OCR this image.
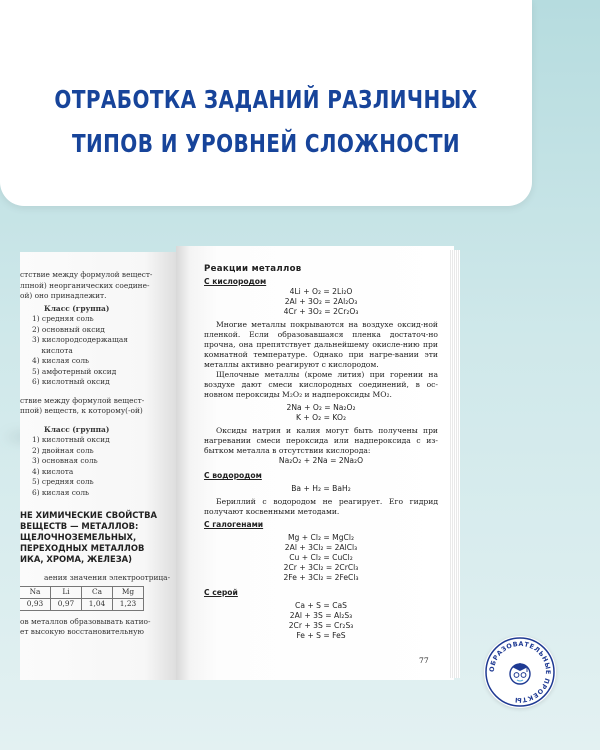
ОТРАБОТКА ЗАДАНИЙ РАЗЛИЧНЫХ
ТИПОВ И УРОВНЕЙ СЛОЖНОСТИ
стствие между формулой вещест-
лпной) неорганических соедине-
ой) оно принадлежит.
Класс (группа)
1) средняя соль
2) основный оксид
3) кислородсодержащая
кислота
4) кислая соль
5) амфотерный оксид
6) кислотный оксид
ствие между формулой вещест-
ппой) веществ, к которому(-ой)
Класс (группа)
1) кислотный оксид
2) двойная соль
3) основная соль
4) кислота
5) средняя соль
6) кислая соль
НЕ ХИМИЧЕСКИЕ СВОЙСТВА
ВЕЩЕСТВ — МЕТАЛЛОВ:
ЩЕЛОЧНОЗЕМЕЛЬНЫХ,
ПЕРЕХОДНЫХ МЕТАЛЛОВ
ИКА, ХРОМА, ЖЕЛЕЗА)
аения значения электроотрица-
Na	Li	Ca	Mg
0,93	0,97	1,04	1,23
ов металлов образовывать катио-
ет высокую восстановительную
Реакции металлов
С кислородом
4Li + O₂ = 2Li₂O
2Al + 3O₂ = 2Al₂O₃
4Cr + 3O₂ = 2Cr₂O₃
Многие металлы покрываются на воздухе оксид-ной пленкой. Если образовавшаяся пленка достаточ-но прочна, она препятствует дальнейшему окисле-нию при комнатной температуре. Однако при нагре-вании эти металлы активно реагируют с кислородом.
Щелочные металлы (кроме лития) при горении на воздухе дают смеси кислородных соединений, в ос-новном пероксиды M₂O₂ и надпероксиды MO₂.
2Na + O₂ = Na₂O₂
K + O₂ = KO₂
Оксиды натрия и калия могут быть получены при нагревании смеси пероксида или надпероксида с из-бытком металла в отсутствии кислорода:
Na₂O₂ + 2Na = 2Na₂O
С водородом
Ba + H₂ = BaH₂
Бериллий с водородом не реагирует. Его гидрид получают косвенными методами.
С галогенами
Mg + Cl₂ = MgCl₂
2Al + 3Cl₂ = 2AlCl₃
Cu + Cl₂ = CuCl₂
2Cr + 3Cl₂ = 2CrCl₃
2Fe + 3Cl₂ = 2FeCl₃
С серой
Ca + S = CaS
2Al + 3S = Al₂S₃
2Cr + 3S = Cr₂S₃
Fe + S = FeS
77
ОБРАЗОВАТЕЛЬНЫЕ ПРОЕКТЫ
